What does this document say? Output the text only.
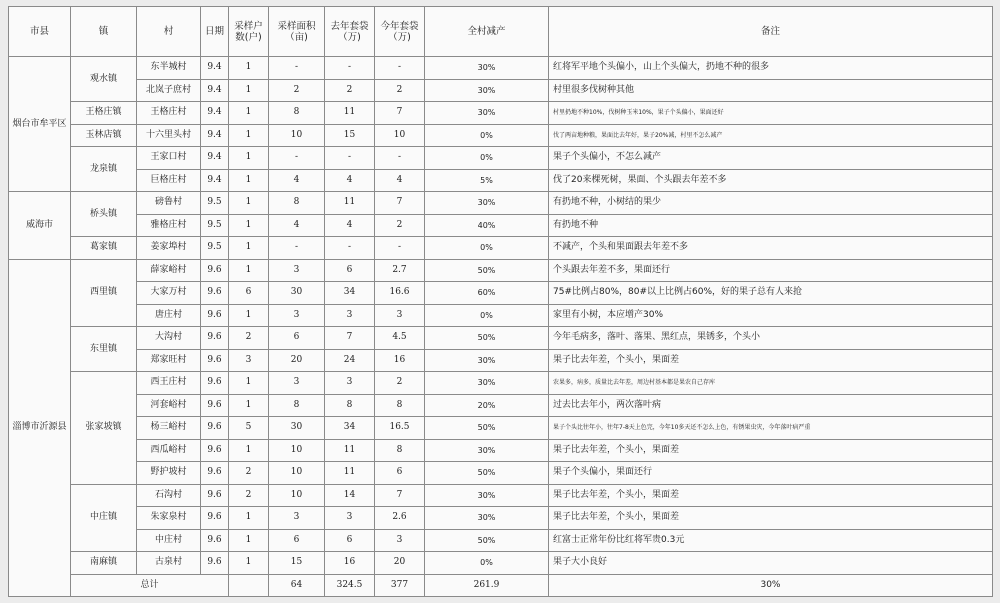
市县	镇	村	日期	采样户数(户)	采样面积（亩)	去年套袋（万)	今年套袋（万)	全村减产	备注	
烟台市牟平区	观水镇	东半城村	9.4	1	-	-	-	30%	红将军平地个头偏小，山上个头偏大，扔地不种的很多	
		北岚子庶村	9.4	1	2	2	2	30%	村里很多伐树种其他	
	王格庄镇	王格庄村	9.4	1	8	11	7	30%	村里扔地不种10%，伐树种玉米10%，果子个头偏小，果面还好	
	玉林店镇	十六里头村	9.4	1	10	15	10	0%	伐了两亩地种粮，果面比去年好，果子20%减，村里不怎么减产	
	龙泉镇	王家口村	9.4	1	-	-	-	0%	果子个头偏小，不怎么减产	
		巨格庄村	9.4	1	4	4	4	5%	伐了20来棵死树，果面、个头跟去年差不多	
威海市	桥头镇	磅鲁村	9.5	1	8	11	7	30%	有扔地不种，小树结的果少	
		雅格庄村	9.5	1	4	4	2	40%	有扔地不种	
	葛家镇	姜家埠村	9.5	1	-	-	-	0%	不减产，个头和果面跟去年差不多	
淄博市沂源县	西里镇	薛家峪村	9.6	1	3	6	2.7	50%	个头跟去年差不多，果面还行	
		大家万村	9.6	6	30	34	16.6	60%	75#比例占80%，80#以上比例占60%，好的果子总有人来抢	
		唐庄村	9.6	1	3	3	3	0%	家里有小树，本应增产30%	
	东里镇	大沟村	9.6	2	6	7	4.5	50%	今年毛病多，落叶、落果、黑红点，果锈多，个头小	
		郑家旺村	9.6	3	20	24	16	30%	果子比去年差，个头小，果面差	
	张家坡镇	西王庄村	9.6	1	3	3	2	30%	农果多，病多，质量比去年差，周边村基本都是果农自己存库	
		河套峪村	9.6	1	8	8	8	20%	过去比去年小，两次落叶病	
		杨三峪村	9.6	5	30	34	16.5	50%	果子个头比往年小，往年7-8天上色完，今年10多天还不怎么上色，有锈果虫灾，今年落叶病严重	
		西瓜峪村	9.6	1	10	11	8	30%	果子比去年差，个头小，果面差	
		野护坡村	9.6	2	10	11	6	50%	果子个头偏小，果面还行	
	中庄镇	石沟村	9.6	2	10	14	7	30%	果子比去年差，个头小，果面差	
		朱家泉村	9.6	1	3	3	2.6	30%	果子比去年差，个头小，果面差	
		中庄村	9.6	1	6	6	3	50%	红富士正常年份比红将军贵0.3元	
	南麻镇	古泉村	9.6	1	15	16	20	0%	果子大小良好	
	总计				64	324.5	377	261.9	30%	
